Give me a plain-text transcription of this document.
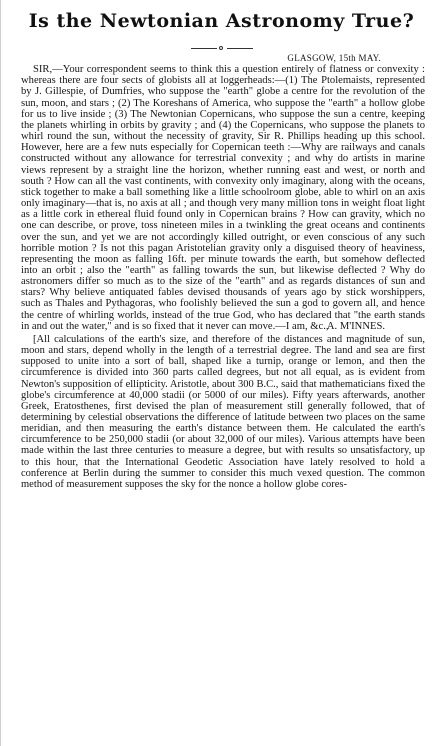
Is the Newtonian Astronomy True?
GLASGOW, 15th MAY.

SIR,—Your correspondent seems to think this a question entirely of flatness or convexity : whereas there are four sects of globists all at loggerheads:—(1) The Ptolemaists, represented by J. Gillespie, of Dumfries, who suppose the "earth" globe a centre for the revolution of the sun, moon, and stars ; (2) The Koreshans of America, who suppose the "earth" a hollow globe for us to live inside ; (3) The Newtonian Copernicans, who suppose the sun a centre, keeping the planets whirling in orbits by gravity ; and (4) the Copernicans, who suppose the planets to whirl round the sun, without the necessity of gravity, Sir R. Phillips heading up this school. However, here are a few nuts especially for Copernican teeth :—Why are railways and canals constructed without any allowance for terrestrial convexity ; and why do artists in marine views represent by a straight line the horizon, whether running east and west, or north and south ? How can all the vast continents, with convexity only imaginary, along with the oceans, stick together to make a ball something like a little schoolroom globe, able to whirl on an axis only imaginary—that is, no axis at all ; and though very many million tons in weight float light as a little cork in ethereal fluid found only in Copernican brains ? How can gravity, which no one can describe, or prove, toss nineteen miles in a twinkling the great oceans and continents over the sun, and yet we are not accordingly killed outright, or even conscious of any such horrible motion ? Is not this pagan Aristotelian gravity only a disguised theory of heaviness, representing the moon as falling 16ft. per minute towards the earth, but somehow deflected into an orbit ; also the "earth" as falling towards the sun, but likewise deflected ? Why do astronomers differ so much as to the size of the "earth" and as regards distances of sun and stars? Why believe antiquated fables devised thousands of years ago by stick worshippers, such as Thales and Pythagoras, who foolishly believed the sun a god to govern all, and hence the centre of whirling worlds, instead of the true God, who has declared that "the earth stands in and out the water," and is so fixed that it never can move.—I am, &c.,

A. M'INNES.

[All calculations of the earth's size, and therefore of the distances and magnitude of sun, moon and stars, depend wholly in the length of a terrestrial degree. The land and sea are first supposed to unite into a sort of ball, shaped like a turnip, orange or lemon, and then the circumference is divided into 360 parts called degrees, but not all equal, as is evident from Newton's supposition of ellipticity. Aristotle, about 300 B.C., said that mathematicians fixed the globe's circumference at 40,000 stadii (or 5000 of our miles). Fifty years afterwards, another Greek, Eratosthenes, first devised the plan of measurement still generally followed, that of determining by celestial observations the difference of latitude between two places on the same meridian, and then measuring the earth's distance between them. He calculated the earth's circumference to be 250,000 stadii (or about 32,000 of our miles). Various attempts have been made within the last three centuries to measure a degree, but with results so unsatisfactory, up to this hour, that the International Geodetic Association have lately resolved to hold a conference at Berlin during the summer to consider this much vexed question. The common method of measurement supposes the sky for the nonce a hollow globe cores-
